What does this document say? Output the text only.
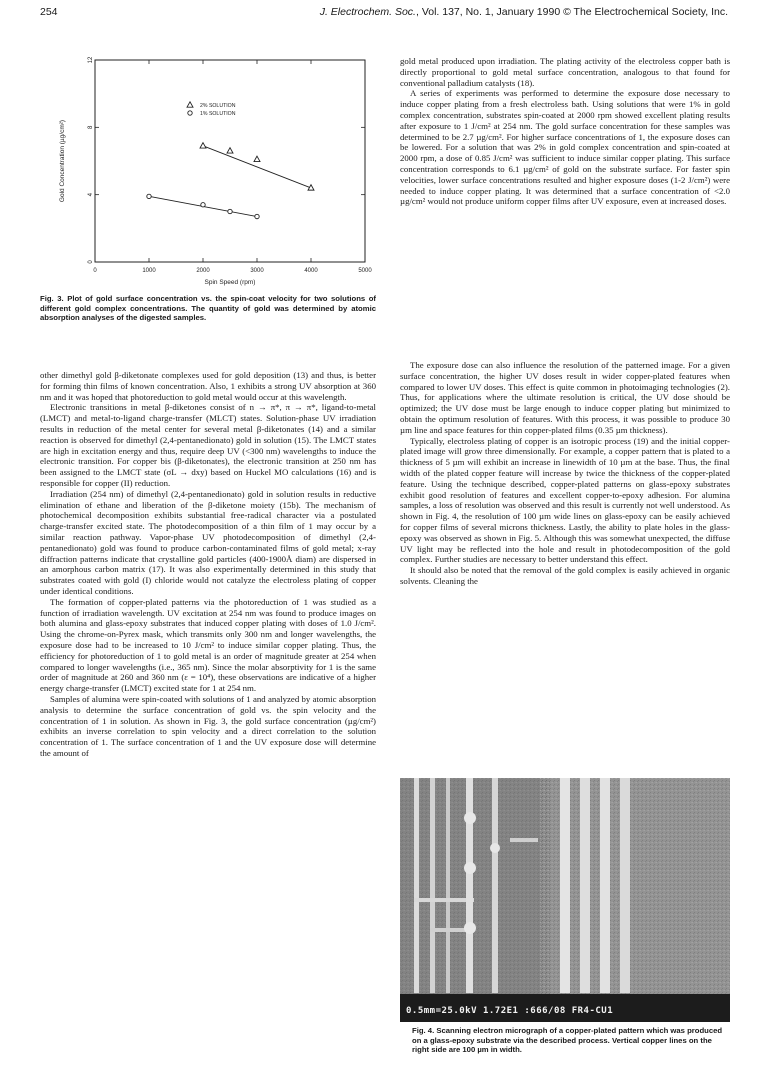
254	J. Electrochem. Soc., Vol. 137, No. 1, January 1990 © The Electrochemical Society, Inc.
0	1000	2000	3000	4000	5000
0
4
8
12
Spin Speed (rpm)
Gold Concentration (µg/cm²)
2% SOLUTION
1% SOLUTION
Fig. 3. Plot of gold surface concentration vs. the spin-coat velocity for two solutions of different gold complex concentrations. The quantity of gold was determined by atomic absorption analyses of the digested samples.

other dimethyl gold β-diketonate complexes used for gold deposition (13) and thus, is better for forming thin films of known concentration. Also, 1 exhibits a strong UV absorption at 360 nm and it was hoped that photoreduction to gold metal would occur at this wavelength.

Electronic transitions in metal β-diketones consist of n → π*, π → π*, ligand-to-metal (LMCT) and metal-to-ligand charge-transfer (MLCT) states. Solution-phase UV irradiation results in reduction of the metal center for several metal β-diketonates (14) and a similar reaction is observed for dimethyl (2,4-pentanedionato) gold in solution (15). The LMCT states are high in excitation energy and thus, require deep UV (<300 nm) wavelengths to induce the electronic transition. For copper bis (β-diketonates), the electronic transition at 250 nm has been assigned to the LMCT state (σL → dxy) based on Huckel MO calculations (16) and is responsible for copper (II) reduction.

Irradiation (254 nm) of dimethyl (2,4-pentanedionato) gold in solution results in reductive elimination of ethane and liberation of the β-diketone moiety (15b). The mechanism of photochemical decomposition exhibits substantial free-radical character via a postulated charge-transfer excited state. The photodecomposition of a thin film of 1 may occur by a similar reaction pathway. Vapor-phase UV photodecomposition of dimethyl (2,4-pentanedionato) gold was found to produce carbon-contaminated films of gold metal; x-ray diffraction patterns indicate that crystalline gold particles (400-1900Å diam) are dispersed in an amorphous carbon matrix (17). It was also experimentally determined in this study that substrates coated with gold (I) chloride would not catalyze the electroless plating of copper under identical conditions.

The formation of copper-plated patterns via the photoreduction of 1 was studied as a function of irradiation wavelength. UV excitation at 254 nm was found to produce images on both alumina and glass-epoxy substrates that induced copper plating with doses of 1.0 J/cm². Using the chrome-on-Pyrex mask, which transmits only 300 nm and longer wavelengths, the exposure dose had to be increased to 10 J/cm² to induce similar copper plating. Thus, the efficiency for photoreduction of 1 to gold metal is an order of magnitude greater at 254 when compared to longer wavelengths (i.e., 365 nm). Since the molar absorptivity for 1 is the same order of magnitude at 260 and 360 nm (ε = 10⁴), these observations are indicative of a higher energy charge-transfer (LMCT) excited state for 1 at 254 nm.

Samples of alumina were spin-coated with solutions of 1 and analyzed by atomic absorption analysis to determine the surface concentration of gold vs. the spin velocity and the concentration of 1 in solution. As shown in Fig. 3, the gold surface concentration (µg/cm²) exhibits an inverse correlation to spin velocity and a direct correlation to the solution concentration of 1. The surface concentration of 1 and the UV exposure dose will determine the amount of

gold metal produced upon irradiation. The plating activity of the electroless copper bath is directly proportional to gold metal surface concentration, analogous to that found for conventional palladium catalysts (18).

A series of experiments was performed to determine the exposure dose necessary to induce copper plating from a fresh electroless bath. Using solutions that were 1% in gold complex concentration, substrates spin-coated at 2000 rpm showed excellent plating results after exposure to 1 J/cm² at 254 nm. The gold surface concentration for these samples was determined to be 2.7 µg/cm². For higher surface concentrations of 1, the exposure doses can be lowered. For a solution that was 2% in gold complex concentration and spin-coated at 2000 rpm, a dose of 0.85 J/cm² was sufficient to induce similar copper plating. This surface concentration corresponds to 6.1 µg/cm² of gold on the substrate surface. For faster spin velocities, lower surface concentrations resulted and higher exposure doses (1-2 J/cm²) were needed to induce copper plating. It was determined that a surface concentration of <2.0 µg/cm² would not produce uniform copper films after UV exposure, even at increased doses.

The exposure dose can also influence the resolution of the patterned image. For a given surface concentration, the higher UV doses result in wider copper-plated features when compared to lower UV doses. This effect is quite common in photoimaging technologies (2). Thus, for applications where the ultimate resolution is critical, the UV dose should be optimized; the UV dose must be large enough to induce copper plating but minimized to obtain the optimum resolution of features. With this process, it was possible to produce 30 µm line and space features for thin copper-plated films (0.35 µm thickness).

Typically, electroless plating of copper is an isotropic process (19) and the initial copper-plated image will grow three dimensionally. For example, a copper pattern that is plated to a thickness of 5 µm will exhibit an increase in linewidth of 10 µm at the base. Thus, the final width of the plated copper feature will increase by twice the thickness of the copper-plated feature. Using the technique described, copper-plated patterns on glass-epoxy substrates exhibit good resolution of features and excellent copper-to-epoxy adhesion. For alumina samples, a loss of resolution was observed and this result is currently not well understood. As shown in Fig. 4, the resolution of 100 µm wide lines on glass-epoxy can be easily achieved for copper films of several microns thickness. Lastly, the ability to plate holes in the glass-epoxy was observed as shown in Fig. 5. Although this was somewhat unexpected, the diffuse UV light may be reflected into the hole and result in photodecomposition of the gold complex. Further studies are necessary to better understand this effect.

It should also be noted that the removal of the gold complex is easily achieved in organic solvents. Cleaning the

0.5mm=25.0kV 1.72E1 :666/08 FR4-CU1
Fig. 4. Scanning electron micrograph of a copper-plated pattern which was produced on a glass-epoxy substrate via the described process. Vertical copper lines on the right side are 100 µm in width.
